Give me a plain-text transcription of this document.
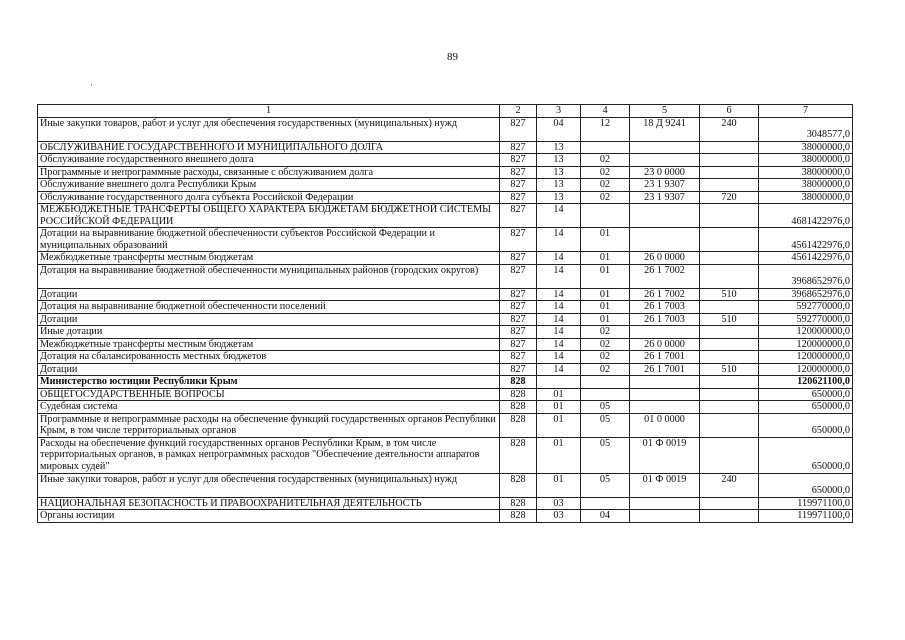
89
·
1	2	3	4	5	6	7
Иные закупки товаров, работ и услуг для обеспечения государственных (муниципальных) нужд	827	04	12	18 Д 9241	240	3048577,0
ОБСЛУЖИВАНИЕ ГОСУДАРСТВЕННОГО И МУНИЦИПАЛЬНОГО ДОЛГА	827	13				38000000,0
Обслуживание государственного внешнего долга	827	13	02			38000000,0
Программные и непрограммные расходы, связанные с обслуживанием долга	827	13	02	23 0 0000		38000000,0
Обслуживание внешнего долга Республики Крым	827	13	02	23 1 9307		38000000,0
Обслуживание государственного долга субъекта Российской Федерации	827	13	02	23 1 9307	720	38000000,0
МЕЖБЮДЖЕТНЫЕ ТРАНСФЕРТЫ ОБЩЕГО ХАРАКТЕРА БЮДЖЕТАМ БЮДЖЕТНОЙ СИСТЕМЫ РОССИЙСКОЙ ФЕДЕРАЦИИ	827	14				4681422976,0
Дотации на выравнивание бюджетной обеспеченности субъектов Российской Федерации и муниципальных образований	827	14	01			4561422976,0
Межбюджетные трансферты местным бюджетам	827	14	01	26 0 0000		4561422976,0
Дотация на выравнивание бюджетной обеспеченности муниципальных районов (городских округов)	827	14	01	26 1 7002		3968652976,0
Дотации	827	14	01	26 1 7002	510	3968652976,0
Дотация на выравнивание бюджетной обеспеченности поселений	827	14	01	26 1 7003		592770000,0
Дотации	827	14	01	26 1 7003	510	592770000,0
Иные дотации	827	14	02			120000000,0
Межбюджетные трансферты местным бюджетам	827	14	02	26 0 0000		120000000,0
Дотация на сбалансированность местных бюджетов	827	14	02	26 1 7001		120000000,0
Дотации	827	14	02	26 1 7001	510	120000000,0
Министерство юстиции Республики Крым	828					120621100,0
ОБЩЕГОСУДАРСТВЕННЫЕ ВОПРОСЫ	828	01				650000,0
Судебная система	828	01	05			650000,0
Программные и непрограммные расходы на обеспечение функций государственных органов Республики Крым, в том числе территориальных органов	828	01	05	01 0 0000		650000,0
Расходы на обеспечение функций государственных органов Республики Крым, в том числе территориальных органов, в рамках непрограммных расходов "Обеспечение деятельности аппаратов мировых судей"	828	01	05	01 Ф 0019		650000,0
Иные закупки товаров, работ и услуг для обеспечения государственных (муниципальных) нужд	828	01	05	01 Ф 0019	240	650000,0
НАЦИОНАЛЬНАЯ БЕЗОПАСНОСТЬ И ПРАВООХРАНИТЕЛЬНАЯ ДЕЯТЕЛЬНОСТЬ	828	03				119971100,0
Органы юстиции	828	03	04			119971100,0
